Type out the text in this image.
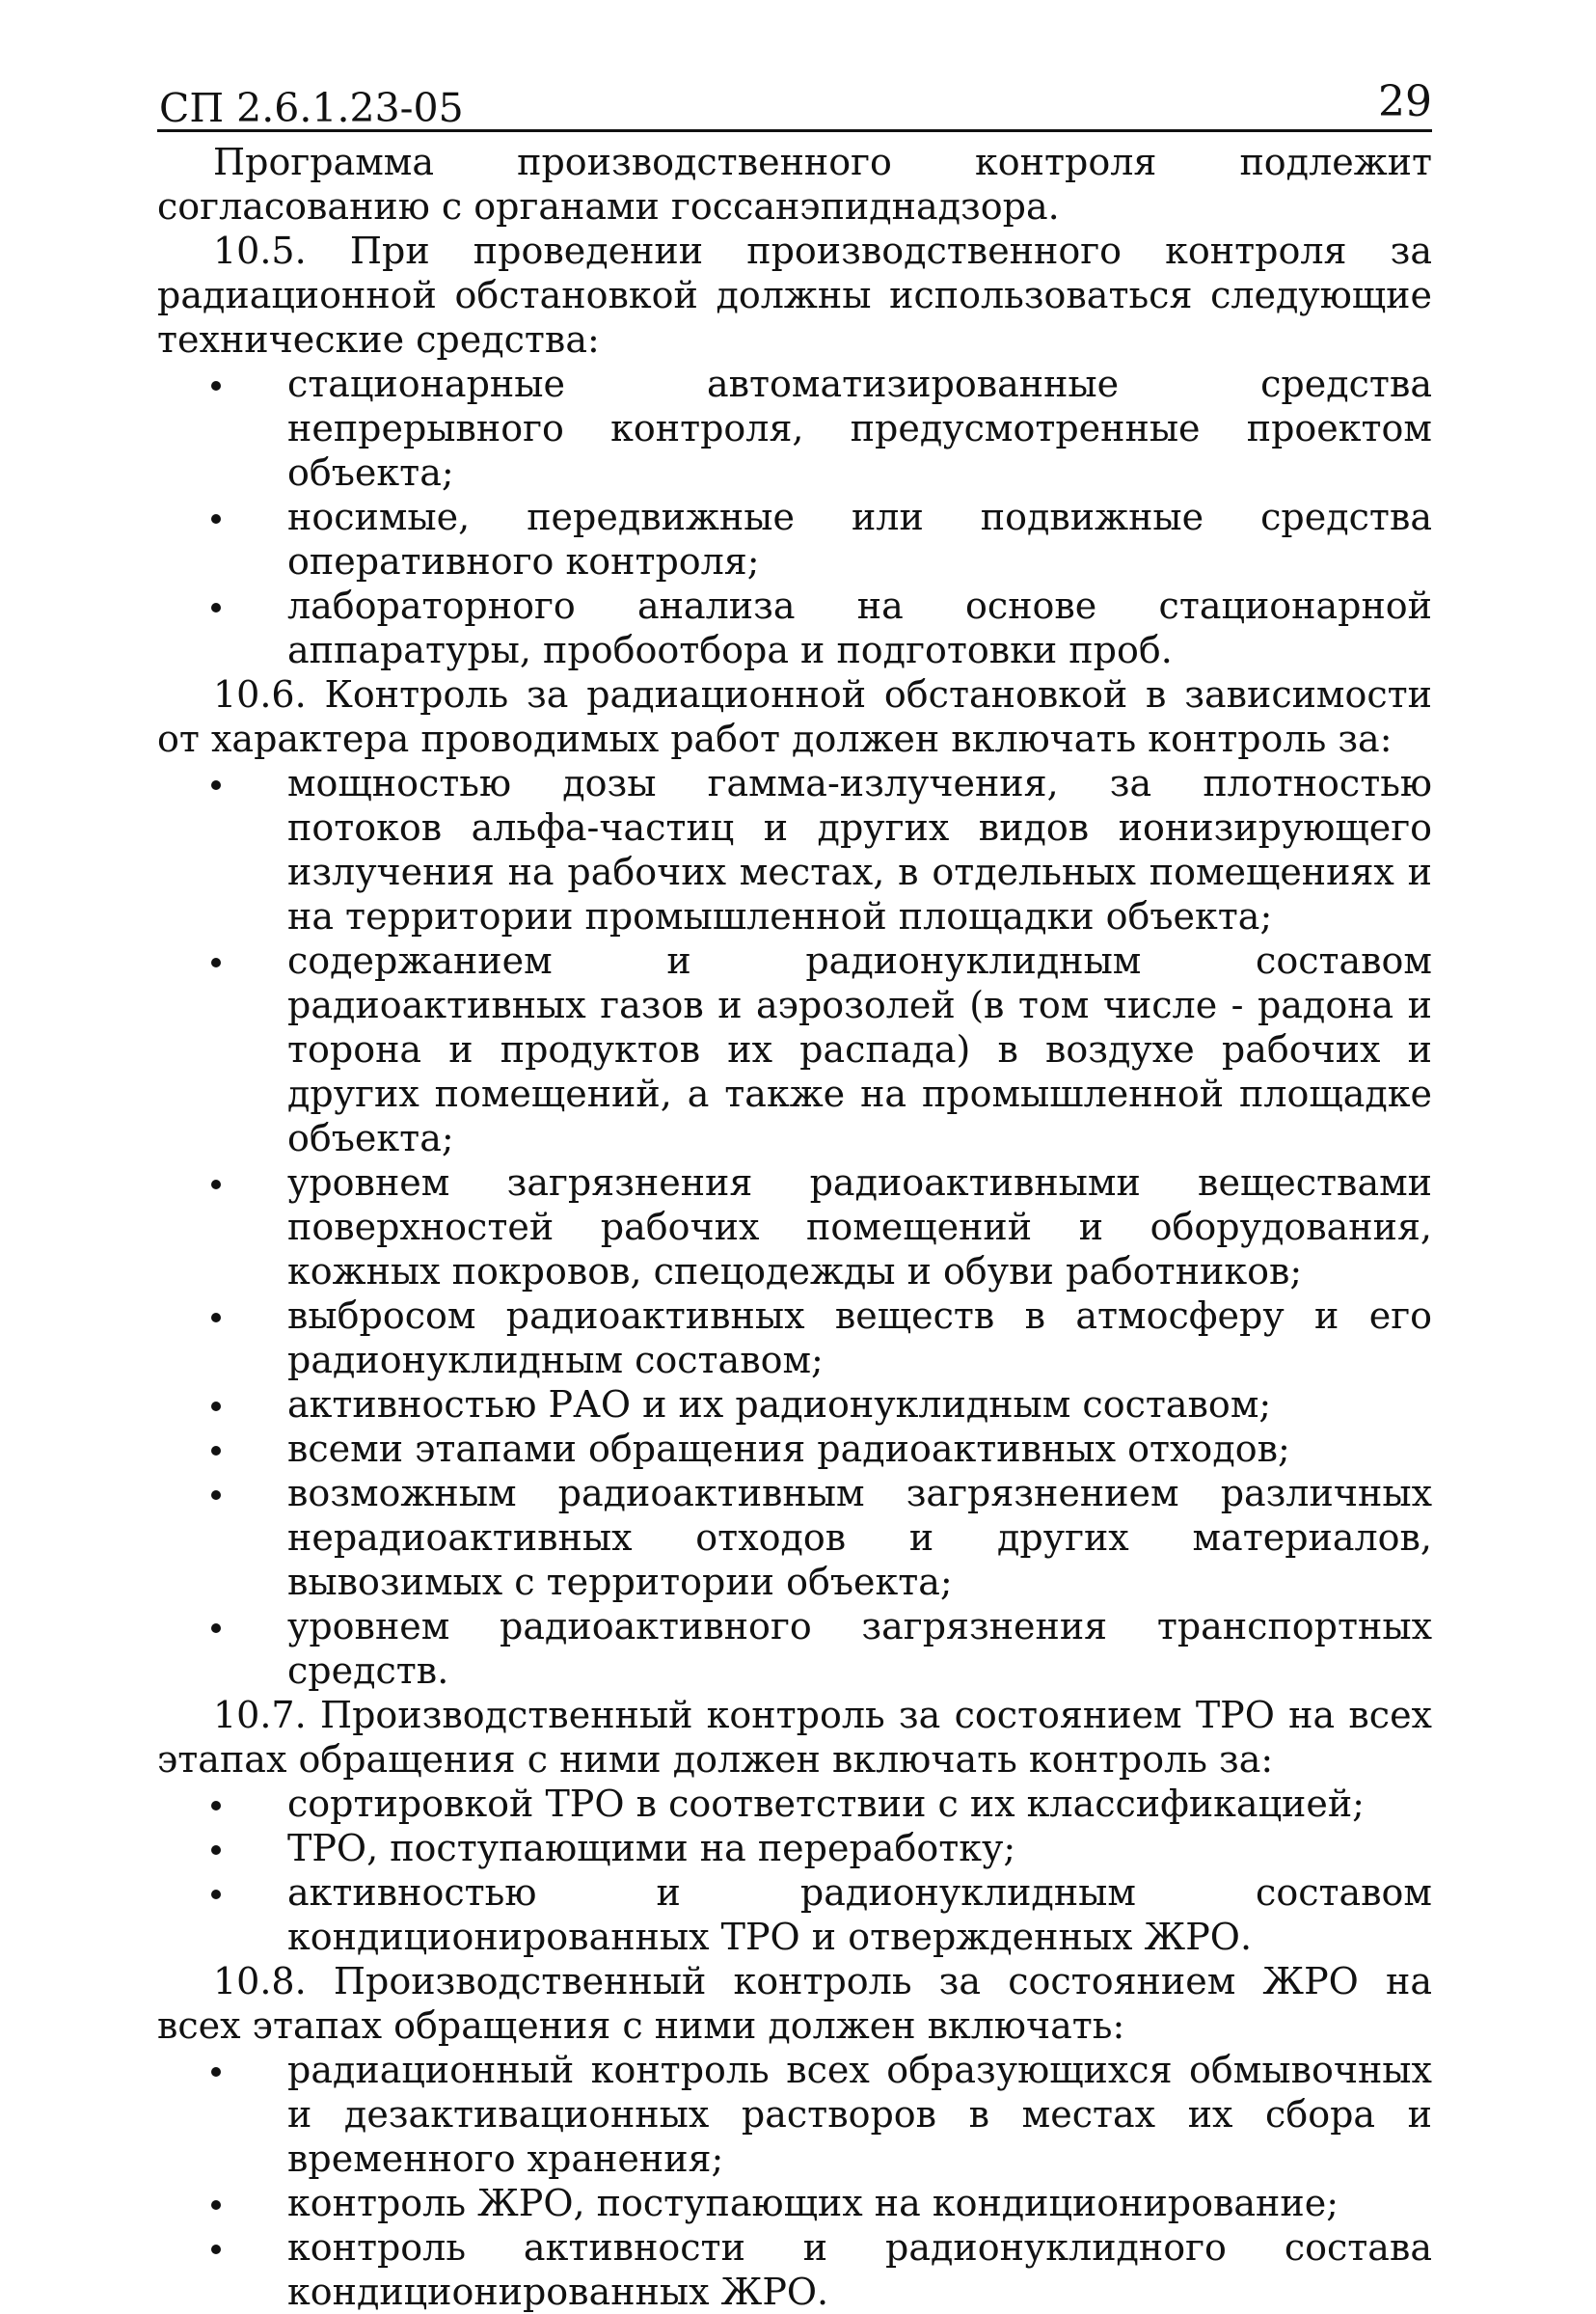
СП 2.6.1.23-05	29

Программа производственного контроля подлежит согласованию с органами госсанэпиднадзора.

10.5. При проведении производственного контроля за радиационной обстановкой должны использоваться следующие технические средства:

стационарные автоматизированные средства непрерывного контроля, предусмотренные проектом объекта;
носимые, передвижные или подвижные средства оперативного контроля;
лабораторного анализа на основе стационарной аппаратуры, пробоотбора и подготовки проб.

10.6. Контроль за радиационной обстановкой в зависимости от характера проводимых работ должен включать контроль за:

мощностью дозы гамма-излучения, за плотностью потоков альфа-частиц и других видов ионизирующего излучения на рабочих местах, в отдельных помещениях и на территории промышленной площадки объекта;
содержанием и радионуклидным составом радиоактивных газов и аэрозолей (в том числе - радона и торона и продуктов их распада) в воздухе рабочих и других помещений, а также на промышленной площадке объекта;
уровнем загрязнения радиоактивными веществами поверхностей рабочих помещений и оборудования, кожных покровов, спецодежды и обуви работников;
выбросом радиоактивных веществ в атмосферу и его радионуклидным составом;
активностью РАО и их радионуклидным составом;
всеми этапами обращения радиоактивных отходов;
возможным радиоактивным загрязнением различных нерадиоактивных отходов и других материалов, вывозимых с территории объекта;
уровнем радиоактивного загрязнения транспортных средств.

10.7. Производственный контроль за состоянием ТРО на всех этапах обращения с ними должен включать контроль за:

сортировкой ТРО в соответствии с их классификацией;
ТРО, поступающими на переработку;
активностью и радионуклидным составом кондиционированных ТРО и отвержденных ЖРО.

10.8. Производственный контроль за состоянием ЖРО на всех этапах обращения с ними должен включать:

радиационный контроль всех образующихся обмывочных и дезактивационных растворов в местах их сбора и временного хранения;
контроль ЖРО, поступающих на кондиционирование;
контроль активности и радионуклидного состава кондиционированных ЖРО.
